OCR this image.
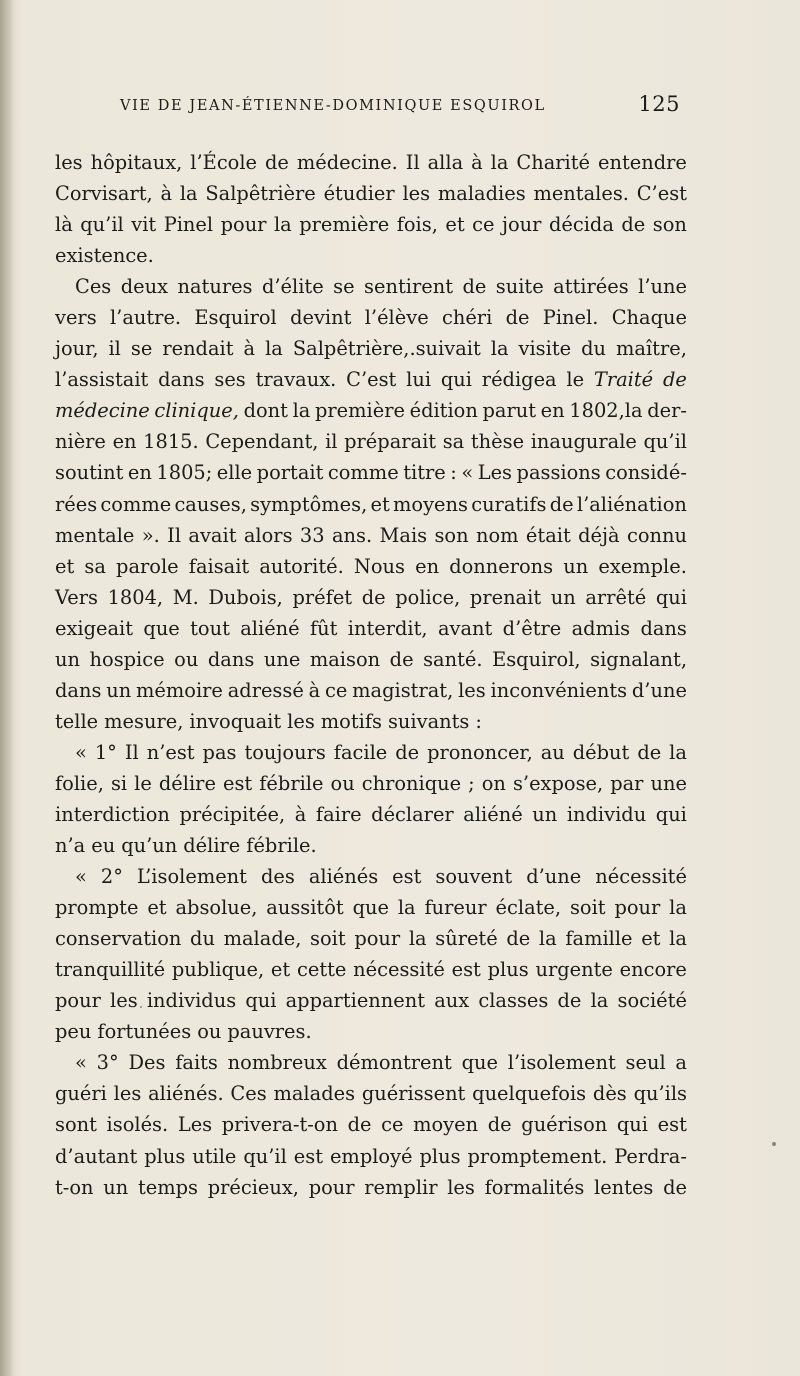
VIE DE JEAN-ÉTIENNE-DOMINIQUE ESQUIROL	125
les hôpitaux, l’École de médecine. Il alla à la Charité entendre
Corvisart, à la Salpêtrière étudier les maladies mentales. C’est
là qu’il vit Pinel pour la première fois, et ce jour décida de son
existence.
Ces deux natures d’élite se sentirent de suite attirées l’une
vers l’autre. Esquirol devint l’élève chéri de Pinel. Chaque
jour, il se rendait à la Salpêtrière,.suivait la visite du maître,
l’assistait dans ses travaux. C’est lui qui rédigea le Traité de
médecine clinique, dont la première édition parut en 1802,la der-
nière en 1815. Cependant, il préparait sa thèse inaugurale qu’il
soutint en 1805; elle portait comme titre : « Les passions considé-
rées comme causes, symptômes, et moyens curatifs de l’aliénation
mentale ». Il avait alors 33 ans. Mais son nom était déjà connu
et sa parole faisait autorité. Nous en donnerons un exemple.
Vers 1804, M. Dubois, préfet de police, prenait un arrêté qui
exigeait que tout aliéné fût interdit, avant d’être admis dans
un hospice ou dans une maison de santé. Esquirol, signalant,
dans un mémoire adressé à ce magistrat, les inconvénients d’une
telle mesure, invoquait les motifs suivants :
« 1° Il n’est pas toujours facile de prononcer, au début de la
folie, si le délire est fébrile ou chronique ; on s’expose, par une
interdiction précipitée, à faire déclarer aliéné un individu qui
n’a eu qu’un délire fébrile.
« 2° L’isolement des aliénés est souvent d’une nécessité
prompte et absolue, aussitôt que la fureur éclate, soit pour la
conservation du malade, soit pour la sûreté de la famille et la
tranquillité publique, et cette nécessité est plus urgente encore
pour les individus qui appartiennent aux classes de la société
peu fortunées ou pauvres.
« 3° Des faits nombreux démontrent que l’isolement seul a
guéri les aliénés. Ces malades guérissent quelquefois dès qu’ils
sont isolés. Les privera-t-on de ce moyen de guérison qui est
d’autant plus utile qu’il est employé plus promptement. Perdra-
t-on un temps précieux, pour remplir les formalités lentes de
